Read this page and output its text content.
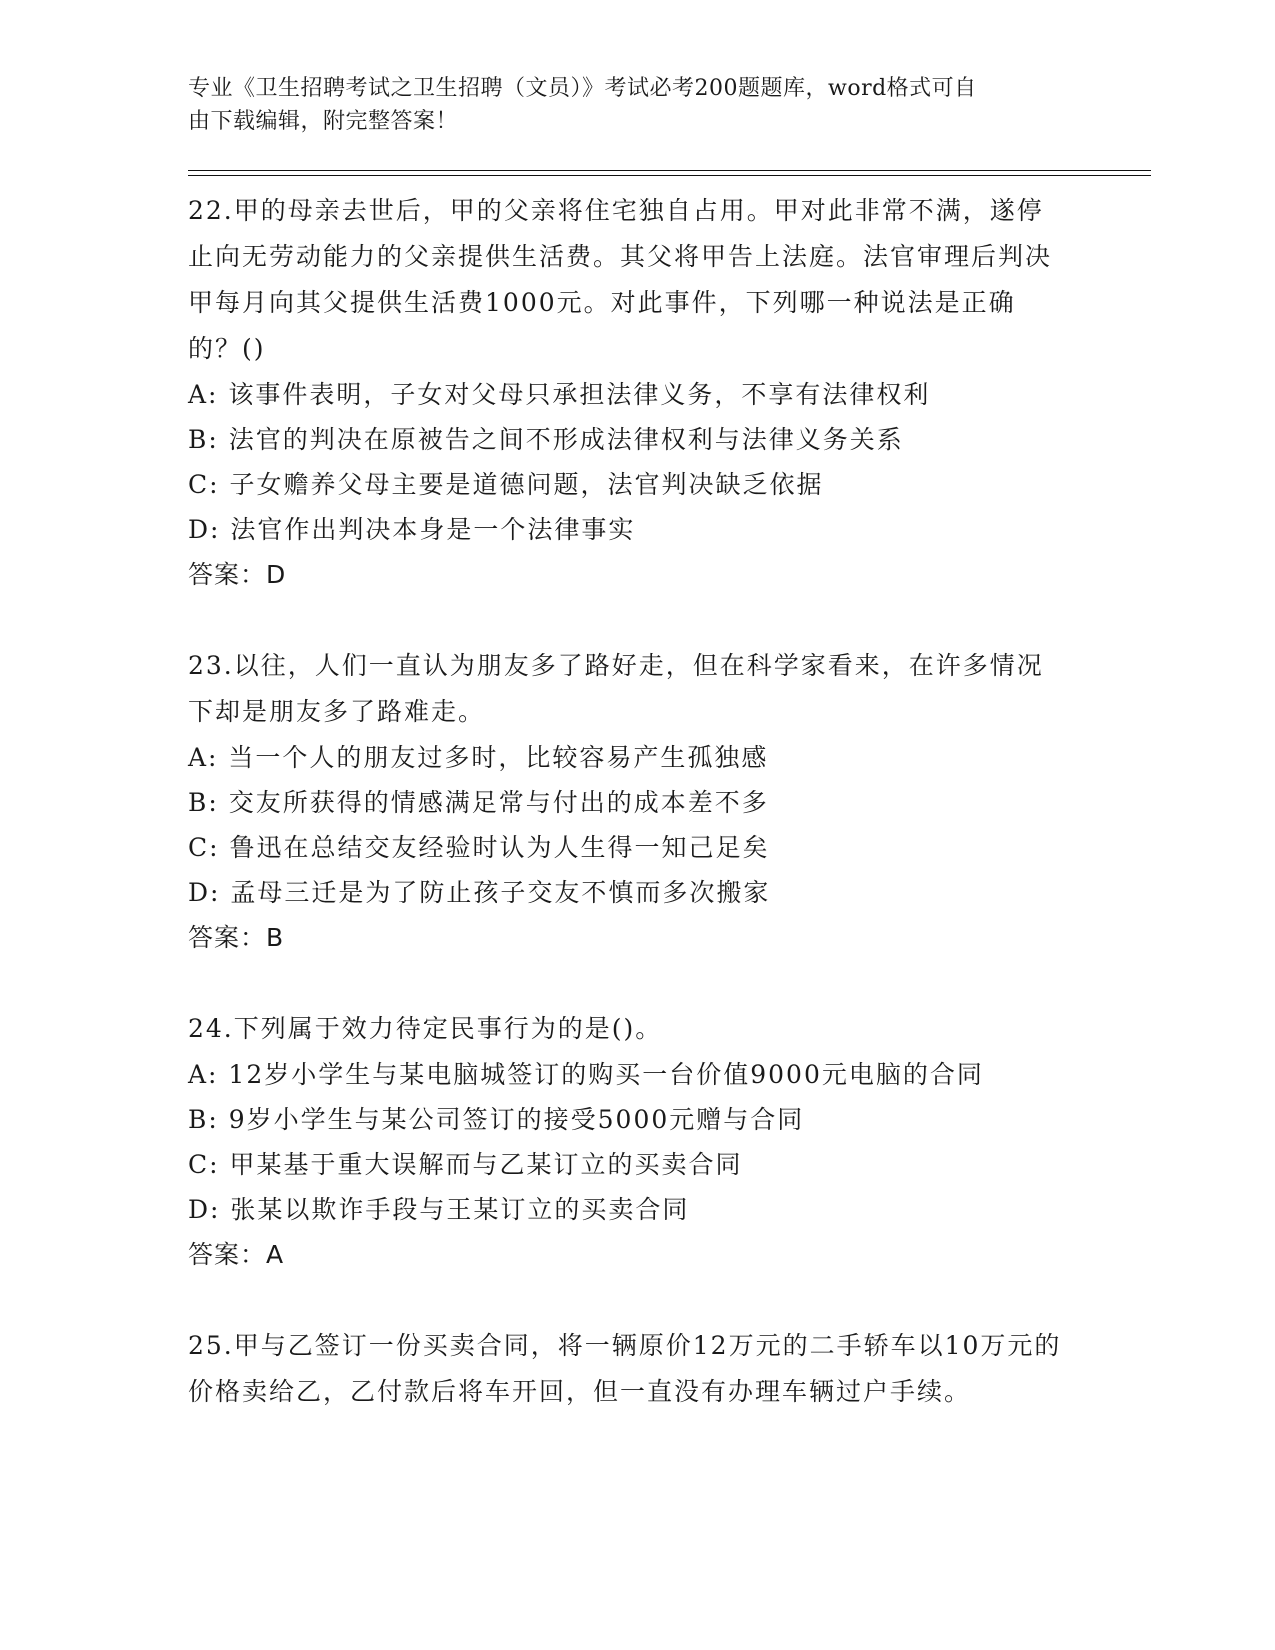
专业《卫生招聘考试之卫生招聘（文员）》考试必考200题题库，word格式可自
由下载编辑，附完整答案！
22.甲的母亲去世后，甲的父亲将住宅独自占用。甲对此非常不满，遂停止向无劳动能力的父亲提供生活费。其父将甲告上法庭。法官审理后判决甲每月向其父提供生活费1000元。对此事件，下列哪一种说法是正确的？()
A: 该事件表明，子女对父母只承担法律义务，不享有法律权利
B: 法官的判决在原被告之间不形成法律权利与法律义务关系
C: 子女赡养父母主要是道德问题，法官判决缺乏依据
D: 法官作出判决本身是一个法律事实
答案：D
23.以往，人们一直认为朋友多了路好走，但在科学家看来，在许多情况下却是朋友多了路难走。
A: 当一个人的朋友过多时，比较容易产生孤独感
B: 交友所获得的情感满足常与付出的成本差不多
C: 鲁迅在总结交友经验时认为人生得一知己足矣
D: 孟母三迁是为了防止孩子交友不慎而多次搬家
答案：B
24.下列属于效力待定民事行为的是()。
A: 12岁小学生与某电脑城签订的购买一台价值9000元电脑的合同
B: 9岁小学生与某公司签订的接受5000元赠与合同
C: 甲某基于重大误解而与乙某订立的买卖合同
D: 张某以欺诈手段与王某订立的买卖合同
答案：A
25.甲与乙签订一份买卖合同，将一辆原价12万元的二手轿车以10万元的价格卖给乙，乙付款后将车开回，但一直没有办理车辆过户手续。
